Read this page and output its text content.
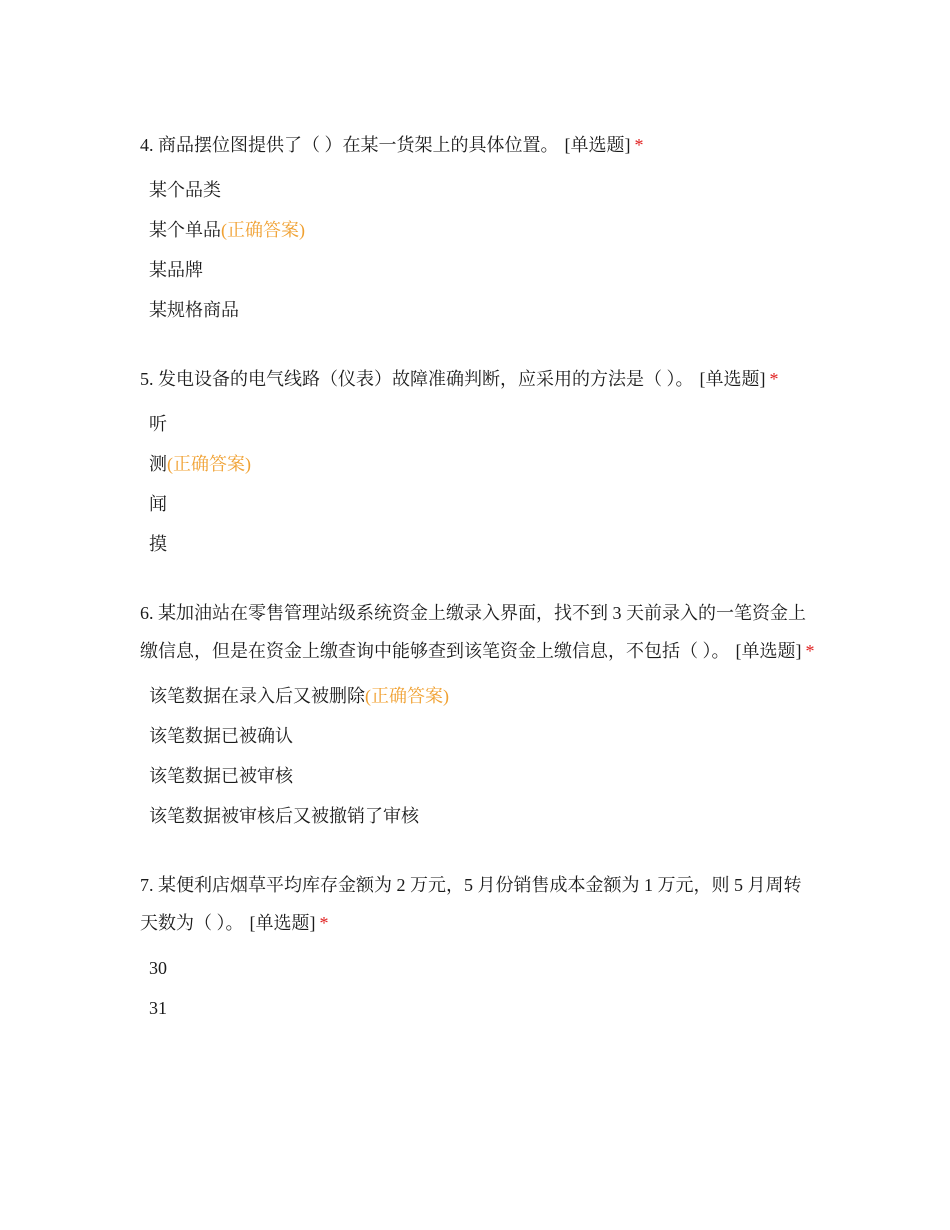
4. 商品摆位图提供了（ ）在某一货架上的具体位置。 [单选题] *

某个品类
某个单品(正确答案)
某品牌
某规格商品

5. 发电设备的电气线路（仪表）故障准确判断，应采用的方法是（ ）。 [单选题] *

听
测(正确答案)
闻
摸

6. 某加油站在零售管理站级系统资金上缴录入界面，找不到 3 天前录入的一笔资金上缴信息，但是在资金上缴查询中能够查到该笔资金上缴信息，不包括（ ）。 [单选题] *

该笔数据在录入后又被删除(正确答案)
该笔数据已被确认
该笔数据已被审核
该笔数据被审核后又被撤销了审核

7. 某便利店烟草平均库存金额为 2 万元，5 月份销售成本金额为 1 万元，则 5 月周转天数为（ ）。 [单选题] *

30
31
